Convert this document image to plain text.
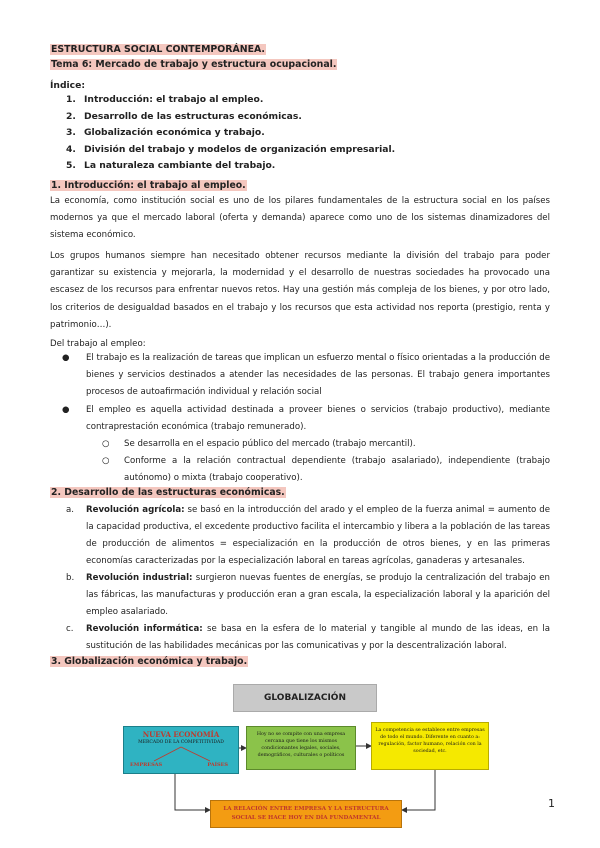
ESTRUCTURA SOCIAL CONTEMPORÁNEA.
Tema 6: Mercado de trabajo y estructura ocupacional.
Índice:
1. Introducción: el trabajo al empleo.
2. Desarrollo de las estructuras económicas.
3. Globalización económica y trabajo.
4. División del trabajo y modelos de organización empresarial.
5. La naturaleza cambiante del trabajo.
1. Introducción: el trabajo al empleo.
La economía, como institución social es uno de los pilares fundamentales de la estructura social en los países modernos ya que el mercado laboral (oferta y demanda) aparece como uno de los sistemas dinamizadores del sistema económico.
Los grupos humanos siempre han necesitado obtener recursos mediante la división del trabajo para poder garantizar su existencia y mejorarla, la modernidad y el desarrollo de nuestras sociedades ha provocado una escasez de los recursos para enfrentar nuevos retos. Hay una gestión más compleja de los bienes, y por otro lado, los criterios de desigualdad basados en el trabajo y los recursos que esta actividad nos reporta (prestigio, renta y patrimonio…).
Del trabajo al empleo:
● El trabajo es la realización de tareas que implican un esfuerzo mental o físico orientadas a la producción de bienes y servicios destinados a atender las necesidades de las personas. El trabajo genera importantes procesos de autoafirmación individual y relación social
● El empleo es aquella actividad destinada a proveer bienes o servicios (trabajo productivo), mediante contraprestación económica (trabajo remunerado).
○ Se desarrolla en el espacio público del mercado (trabajo mercantil).
○ Conforme a la relación contractual dependiente (trabajo asalariado), independiente (trabajo autónomo) o mixta (trabajo cooperativo).
2. Desarrollo de las estructuras económicas.
a. Revolución agrícola: se basó en la introducción del arado y el empleo de la fuerza animal = aumento de la capacidad productiva, el excedente productivo facilita el intercambio y libera a la población de las tareas de producción de alimentos = especialización en la producción de otros bienes, y en las primeras economías caracterizadas por la especialización laboral en tareas agrícolas, ganaderas y artesanales.
b. Revolución industrial: surgieron nuevas fuentes de energías, se produjo la centralización del trabajo en las fábricas, las manufacturas y producción eran a gran escala, la especialización laboral y la aparición del empleo asalariado.
c. Revolución informática: se basa en la esfera de lo material y tangible al mundo de las ideas, en la sustitución de las habilidades mecánicas por las comunicativas y por la descentralización laboral.
3. Globalización económica y trabajo.
GLOBALIZACIÓN
NUEVA ECONOMÍA
MERCADO DE LA COMPETITIVIDAD
EMPRESAS	PAÍSES
Hoy no se compite con una empresa cercana que tiene los mismos condicionantes legales, sociales, demográficos, culturales o políticos
La competencia se establece entre empresas de todo el mundo. Diferente en cuanto a: regulación, factor humano, relación con la sociedad, etc.
LA RELACIÓN ENTRE EMPRESA Y LA ESTRUCTURA SOCIAL SE HACE HOY EN DÍA FUNDAMENTAL
1
